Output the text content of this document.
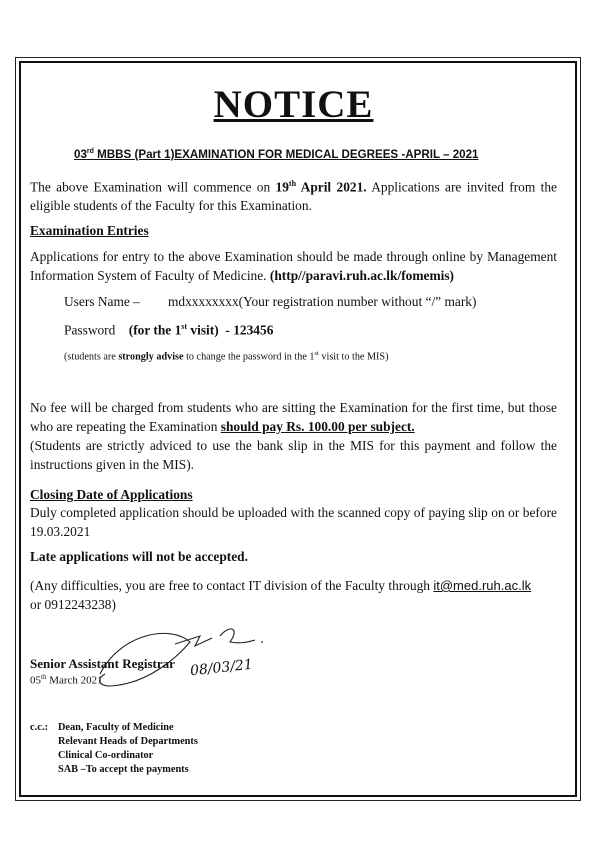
NOTICE
03rd MBBS (Part 1)EXAMINATION FOR MEDICAL DEGREES -APRIL – 2021
The above Examination will commence on 19th April 2021. Applications are invited from the eligible students of the Faculty for this Examination.
Examination Entries
Applications for entry to the above Examination should be made through online by Management Information System of Faculty of Medicine. (http//paravi.ruh.ac.lk/fomemis)
Users Name – mdxxxxxxxx(Your registration number without “/” mark)
Password (for the 1st visit) - 123456
(students are strongly advise to change the password in the 1st visit to the MIS)
No fee will be charged from students who are sitting the Examination for the first time, but those who are repeating the Examination should pay Rs. 100.00 per subject.
(Students are strictly adviced to use the bank slip in the MIS for this payment and follow the instructions given in the MIS).
Closing Date of Applications
Duly completed application should be uploaded with the scanned copy of paying slip on or before 19.03.2021
Late applications will not be accepted.
(Any difficulties, you are free to contact IT division of the Faculty through it@med.ruh.ac.lk
or 0912243238)
Senior Assistant Registrar
05th March 2021
08/03/21
c.c.: Dean, Faculty of Medicine
Relevant Heads of Departments
Clinical Co-ordinator
SAB –To accept the payments
